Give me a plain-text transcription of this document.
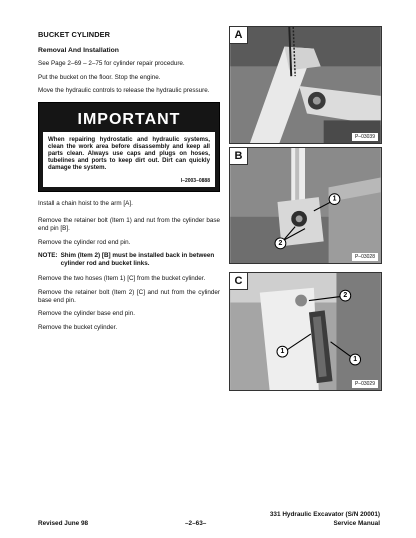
BUCKET CYLINDER
Removal And Installation
See Page 2–69 – 2–75 for cylinder repair procedure.
Put the bucket on the floor. Stop the engine.
Move the hydraulic controls to release the hydraulic pressure.
IMPORTANT
When repairing hydrostatic and hydraulic systems, clean the work area before disassembly and keep all parts clean. Always use caps and plugs on hoses, tubelines and ports to keep dirt out. Dirt can quickly damage the system.
I–2003–0888
Install a chain hoist to the arm [A].
Remove the retainer bolt (Item 1) and nut from the cylinder base end pin [B].
Remove the cylinder rod end pin.
NOTE: Shim (Item 2) [B] must be installed back in between cylinder rod and bucket links.
Remove the two hoses (Item 1) [C] from the bucket cylinder.
Remove the retainer bolt (Item 2) [C] and nut from the cylinder base end pin.
Remove the cylinder base end pin.
Remove the bucket cylinder.
A
P–03039
1
2
B
P–03028
2
1
1
C
P–03029
Revised June 98	–2–63–
331 Hydraulic Excavator (S/N 20001)
Service Manual
